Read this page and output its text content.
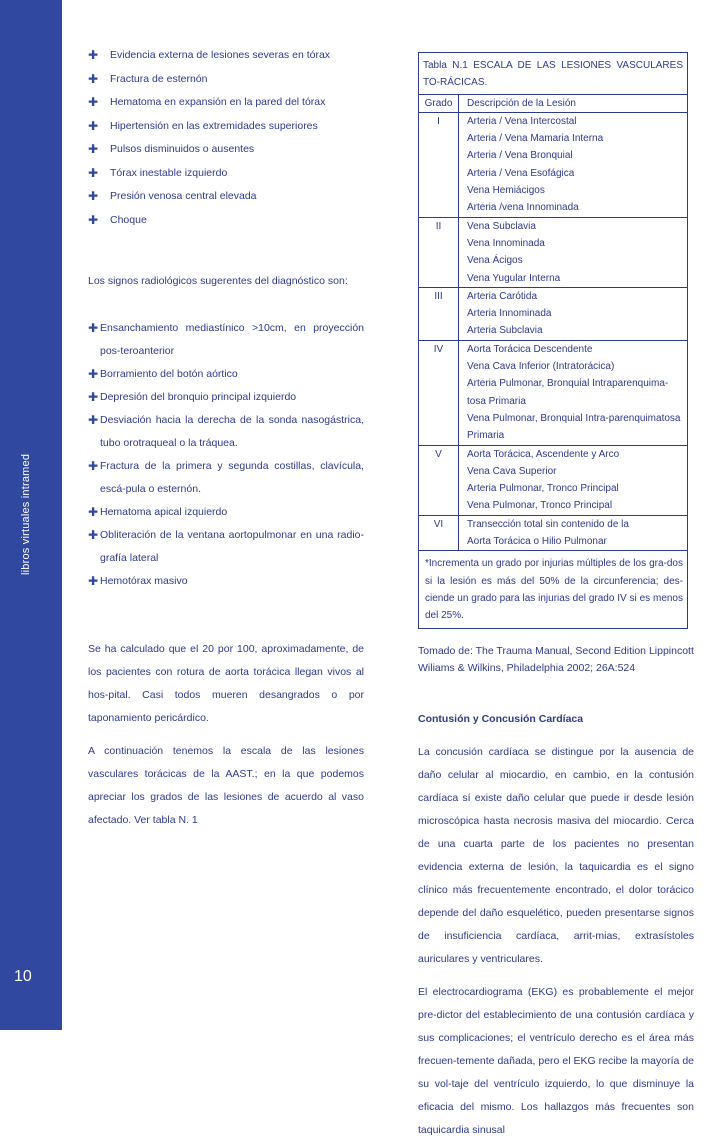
libros virtuales intramed
10
✚ Evidencia externa de lesiones severas en tórax
✚ Fractura de esternón
✚ Hematoma en expansión en la pared del tórax
✚ Hipertensión en las extremidades superiores
✚ Pulsos disminuidos o ausentes
✚ Tórax inestable izquierdo
✚ Presión venosa central elevada
✚ Choque
Los signos radiológicos sugerentes del diagnóstico son:
✚ Ensanchamiento mediastínico >10cm, en proyección pos-teroanterior
✚ Borramiento del botón aórtico
✚ Depresión del bronquio principal izquierdo
✚ Desviación hacia la derecha de la sonda nasogástrica, tubo orotraqueal o la tráquea.
✚ Fractura de la primera y segunda costillas, clavícula, escá-pula o esternón.
✚ Hematoma apical izquierdo
✚ Obliteración de la ventana aortopulmonar en una radio-grafía lateral
✚ Hemotórax masivo
Se ha calculado que el 20 por 100, aproximadamente, de los pacientes con rotura de aorta torácica llegan vivos al hos-pital. Casi todos mueren desangrados o por taponamiento pericárdico.
A continuación tenemos la escala de las lesiones vasculares torácicas de la AAST.; en la que podemos apreciar los grados de las lesiones de acuerdo al vaso afectado. Ver tabla N. 1
Tabla N.1 ESCALA DE LAS LESIONES VASCULARES TO-RÁCICAS.
Grado	Descripción de la Lesión
I	Arteria / Vena Intercostal
Arteria / Vena Mamaria Interna
Arteria / Vena Bronquial
Arteria / Vena Esofágica
Vena Hemiácigos
Arteria /vena Innominada
II	Vena Subclavia
Vena Innominada
Vena Ácigos
Vena Yugular Interna
III	Arteria Carótida
Arteria Innominada
Arteria Subclavia
IV	Aorta Torácica Descendente
Vena Cava Inferior (Intratorácica)
Arteria Pulmonar, Bronquial Intraparenquima-tosa Primaria
Vena Pulmonar, Bronquial Intra-parenquimatosa Primaria
V	Aorta Torácica, Ascendente y Arco
Vena Cava Superior
Arteria Pulmonar, Tronco Principal
Vena Pulmonar, Tronco Principal
VI	Transección total sin contenido de la
Aorta Torácica o Hilio Pulmonar
*Incrementa un grado por injurias múltiples de los gra-dos si la lesión es más del 50% de la circunferencia; des-ciende un grado para las injurias del grado IV si es menos del 25%.
Tomado de: The Trauma Manual, Second Edition Lippincott Wiliams & Wilkins, Philadelphia 2002; 26A:524
Contusión y Concusión Cardíaca
La concusión cardíaca se distingue por la ausencia de daño celular al miocardio, en cambio, en la contusión cardíaca sí existe daño celular que puede ir desde lesión microscópica hasta necrosis masiva del miocardio. Cerca de una cuarta parte de los pacientes no presentan evidencia externa de lesión, la taquicardia es el signo clínico más frecuentemente encontrado, el dolor torácico depende del daño esquelético, pueden presentarse signos de insuficiencia cardíaca, arrit-mias, extrasístoles auriculares y ventriculares.
El electrocardiograma (EKG) es probablemente el mejor pre-dictor del establecimiento de una contusión cardíaca y sus complicaciones; el ventrículo derecho es el área más frecuen-temente dañada, pero el EKG recibe la mayoría de su vol-taje del ventrículo izquierdo, lo que disminuye la eficacia del mismo. Los hallazgos más frecuentes son taquicardia sinusal
